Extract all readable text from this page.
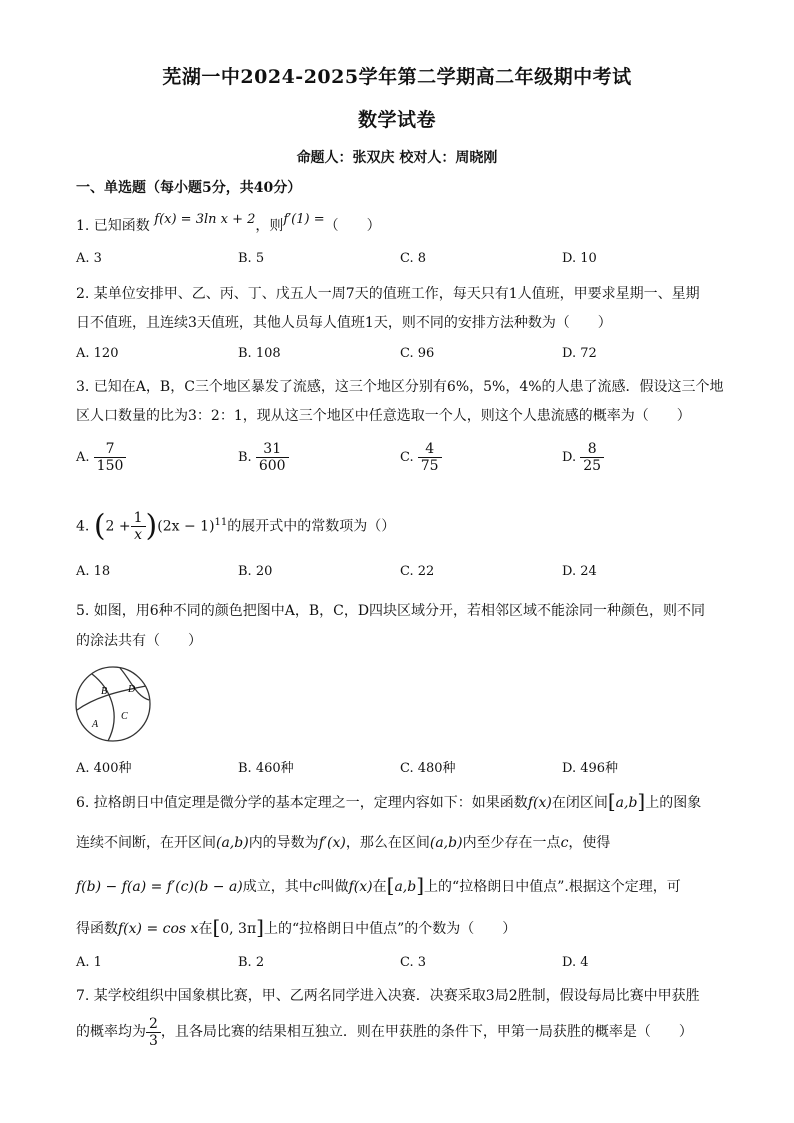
芜湖一中2024-2025学年第二学期高二年级期中考试
数学试卷
命题人：张双庆 校对人：周晓刚
一、单选题（每小题5分，共40分）
1. 已知函数 f(x) = 3ln x + 2，则f′(1) =（　　）
A. 3	B. 5	C. 8	D. 10
2. 某单位安排甲、乙、丙、丁、戊五人一周7天的值班工作，每天只有1人值班，甲要求星期一、星期
日不值班，且连续3天值班，其他人员每人值班1天，则不同的安排方法种数为（　　）
A. 120	B. 108	C. 96	D. 72
3. 已知在A，B，C三个地区暴发了流感，这三个地区分别有6%，5%，4%的人患了流感．假设这三个地
区人口数量的比为3：2：1，现从这三个地区中任意选取一个人，则这个人患流感的概率为（　　）
A. $\frac{7}{150}$	B. $\frac{31}{600}$	C. $\frac{4}{75}$	D. $\frac{8}{25}$
4. $(2 + \frac{1}{x} )(2x - 1)^{11}$的展开式中的常数项为（）
A. 18	B. 20	C. 22	D. 24
5. 如图，用6种不同的颜色把图中A，B，C，D四块区域分开，若相邻区域不能涂同一种颜色，则不同
的涂法共有（　　）
A
B
C
D
A. 400种	B. 460种	C. 480种	D. 496种
6. 拉格朗日中值定理是微分学的基本定理之一，定理内容如下：如果函数f(x)在闭区间[a,b]上的图象
连续不间断，在开区间(a,b)内的导数为f′(x)，那么在区间(a,b)内至少存在一点c，使得
f(b) − f(a) = f′(c)(b − a)成立，其中c叫做f(x)在[a,b]上的“拉格朗日中值点”.根据这个定理，可
得函数f(x) = cos x在[0, 3π]上的“拉格朗日中值点”的个数为（　　）
A. 1	B. 2	C. 3	D. 4
7. 某学校组织中国象棋比赛，甲、乙两名同学进入决赛．决赛采取3局2胜制，假设每局比赛中甲获胜
的概率均为 $\frac{2}{3}$ ，且各局比赛的结果相互独立．则在甲获胜的条件下，甲第一局获胜的概率是（　　）
